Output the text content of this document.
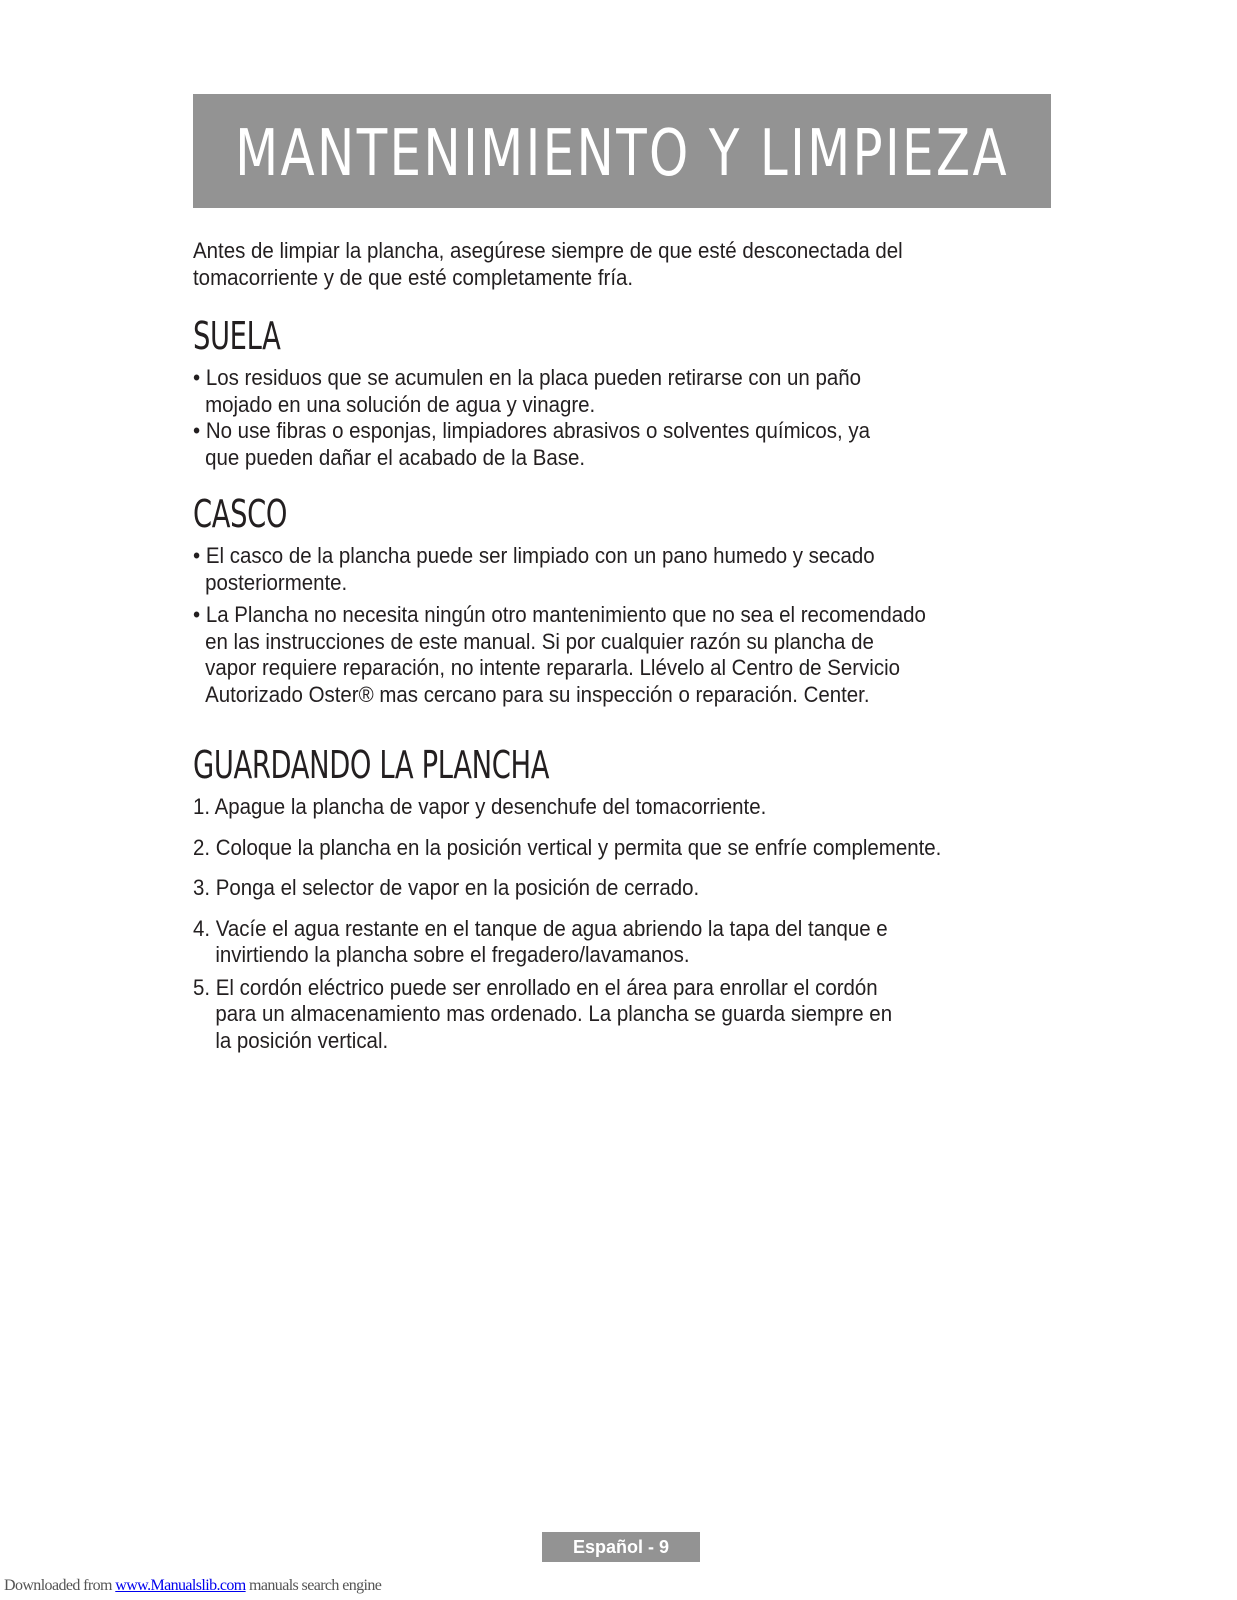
MANTENIMIENTO Y LIMPIEZA
Antes de limpiar la plancha, asegúrese siempre de que esté desconectada del
tomacorriente y de que esté completamente fría.
SUELA
• Los residuos que se acumulen en la placa pueden retirarse con un paño
mojado en una solución de agua y vinagre.
• No use fibras o esponjas, limpiadores abrasivos o solventes químicos, ya
que pueden dañar el acabado de la Base.
CASCO
• El casco de la plancha puede ser limpiado con un pano humedo y secado
posteriormente.
• La Plancha no necesita ningún otro mantenimiento que no sea el recomendado
en las instrucciones de este manual. Si por cualquier razón su plancha de
vapor requiere reparación, no intente repararla. Llévelo al Centro de Servicio
Autorizado Oster® mas cercano para su inspección o reparación. Center.
GUARDANDO LA PLANCHA
1. Apague la plancha de vapor y desenchufe del tomacorriente.
2. Coloque la plancha en la posición vertical y permita que se enfríe complemente.
3. Ponga el selector de vapor en la posición de cerrado.
4. Vacíe el agua restante en el tanque de agua abriendo la tapa del tanque e
invirtiendo la plancha sobre el fregadero/lavamanos.
5. El cordón eléctrico puede ser enrollado en el área para enrollar el cordón
para un almacenamiento mas ordenado. La plancha se guarda siempre en
la posición vertical.
Español - 9
Downloaded from www.Manualslib.com manuals search engine
